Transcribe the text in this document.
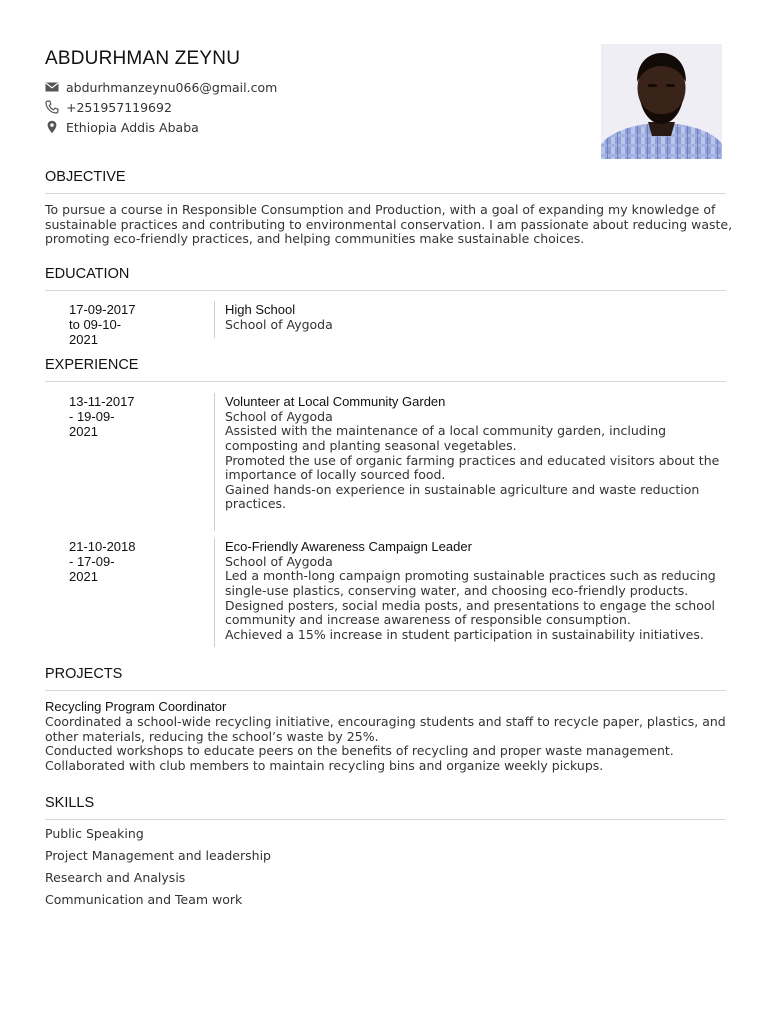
ABDURHMAN ZEYNU
abdurhmanzeynu066@gmail.com
+251957119692
Ethiopia Addis Ababa
OBJECTIVE

To pursue a course in Responsible Consumption and Production, with a goal of expanding my knowledge of sustainable practices and contributing to environmental conservation. I am passionate about reducing waste, promoting eco-friendly practices, and helping communities make sustainable choices.

EDUCATION
17-09-2017
to 09-10-
2021
High School
School of Aygoda
EXPERIENCE
13-11-2017
- 19-09-
2021
Volunteer at Local Community Garden
School of Aygoda
Assisted with the maintenance of a local community garden, including composting and planting seasonal vegetables.
Promoted the use of organic farming practices and educated visitors about the importance of locally sourced food.
Gained hands-on experience in sustainable agriculture and waste reduction practices.
21-10-2018
- 17-09-
2021
Eco-Friendly Awareness Campaign Leader
School of Aygoda
Led a month-long campaign promoting sustainable practices such as reducing single-use plastics, conserving water, and choosing eco-friendly products.
Designed posters, social media posts, and presentations to engage the school community and increase awareness of responsible consumption.
Achieved a 15% increase in student participation in sustainability initiatives.
PROJECTS
Recycling Program Coordinator
Coordinated a school-wide recycling initiative, encouraging students and staff to recycle paper, plastics, and other materials, reducing the school’s waste by 25%.
Conducted workshops to educate peers on the benefits of recycling and proper waste management.
Collaborated with club members to maintain recycling bins and organize weekly pickups.
SKILLS
Public Speaking
Project Management and leadership
Research and Analysis
Communication and Team work
